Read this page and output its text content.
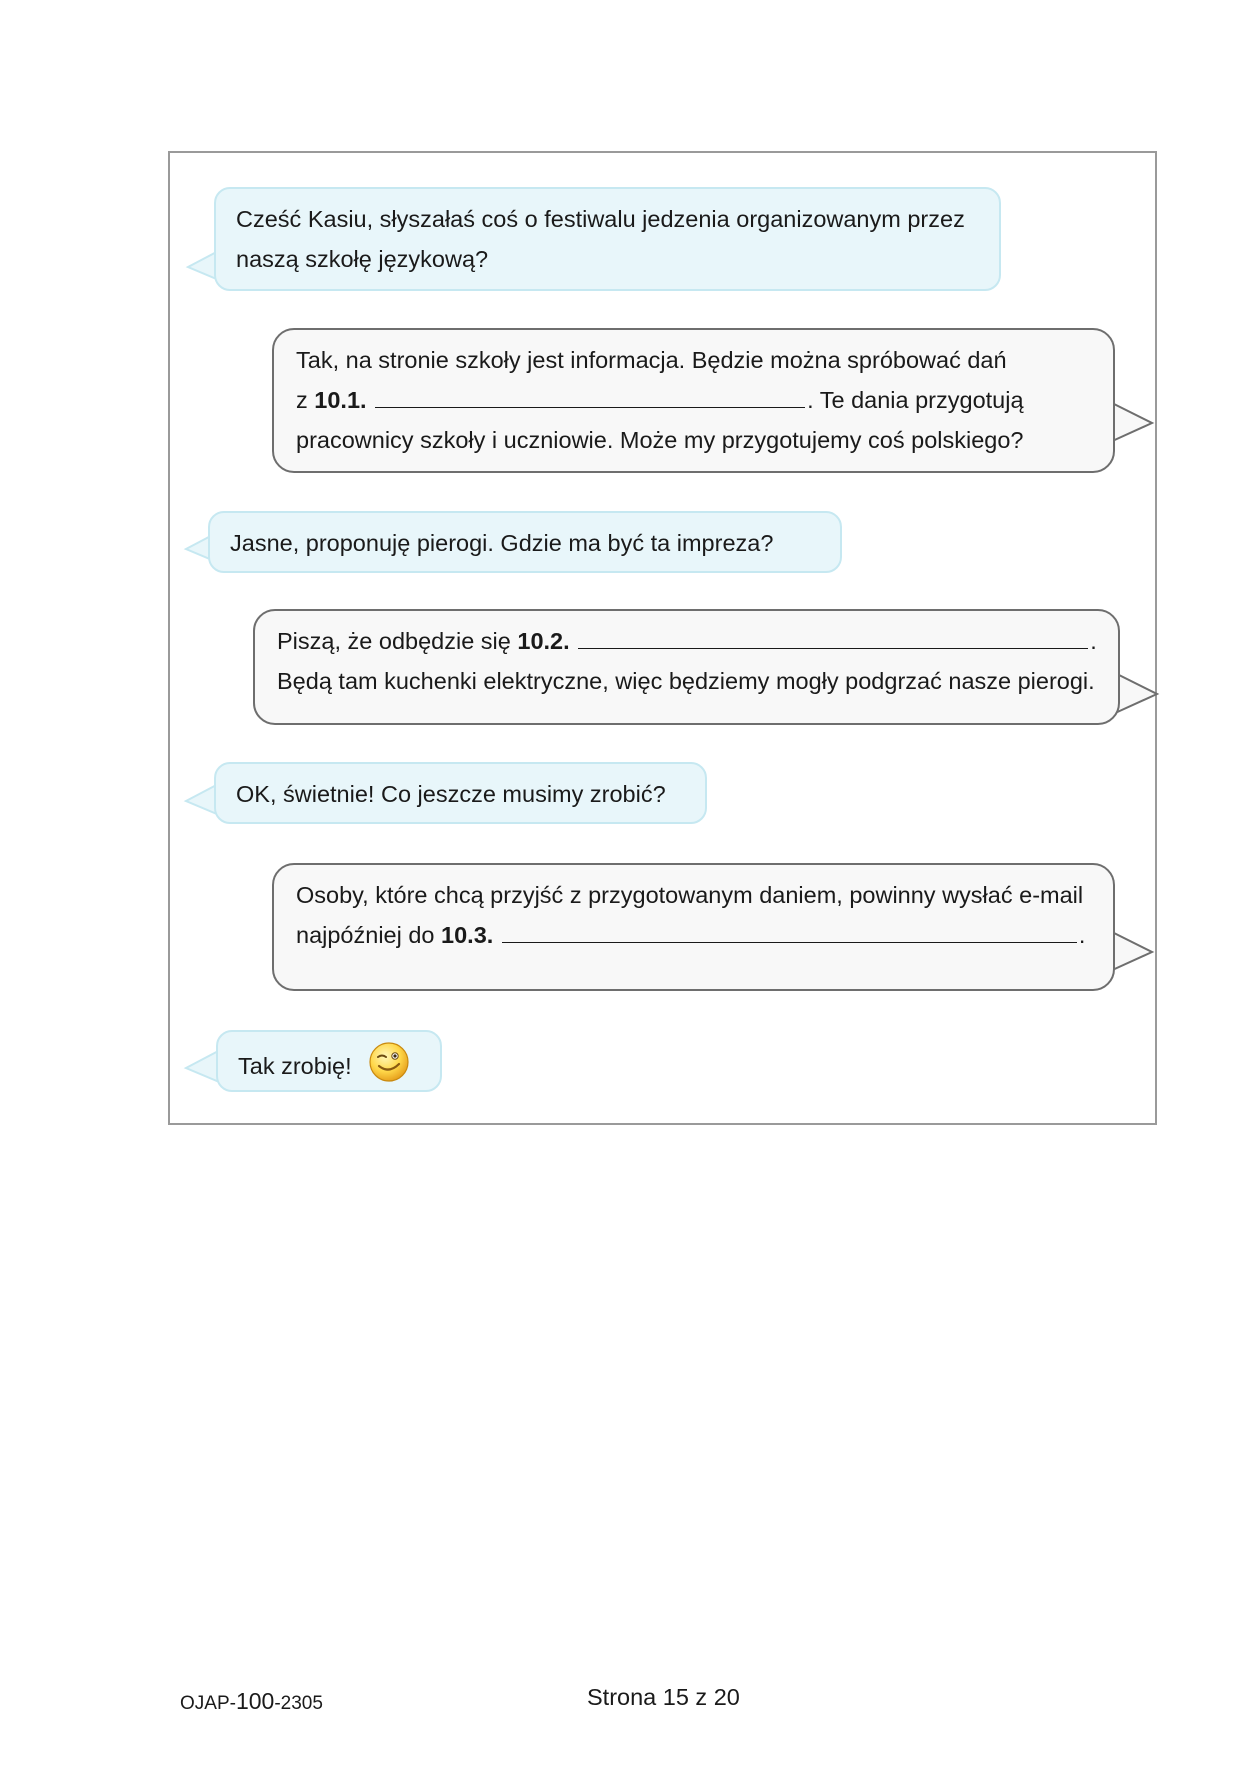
Cześć Kasiu, słyszałaś coś o festiwalu jedzenia organizowanym przez
naszą szkołę językową?
Tak, na stronie szkoły jest informacja. Będzie można spróbować dań
z 10.1.	. Te dania przygotują
pracownicy szkoły i uczniowie. Może my przygotujemy coś polskiego?
Jasne, proponuję pierogi. Gdzie ma być ta impreza?
Piszą, że odbędzie się 10.2.	.
Będą tam kuchenki elektryczne, więc będziemy mogły podgrzać nasze pierogi.
OK, świetnie! Co jeszcze musimy zrobić?
Osoby, które chcą przyjść z przygotowanym daniem, powinny wysłać e-mail
najpóźniej do 10.3.	.
Tak zrobię!
OJAP-100-2305	Strona 15 z 20
